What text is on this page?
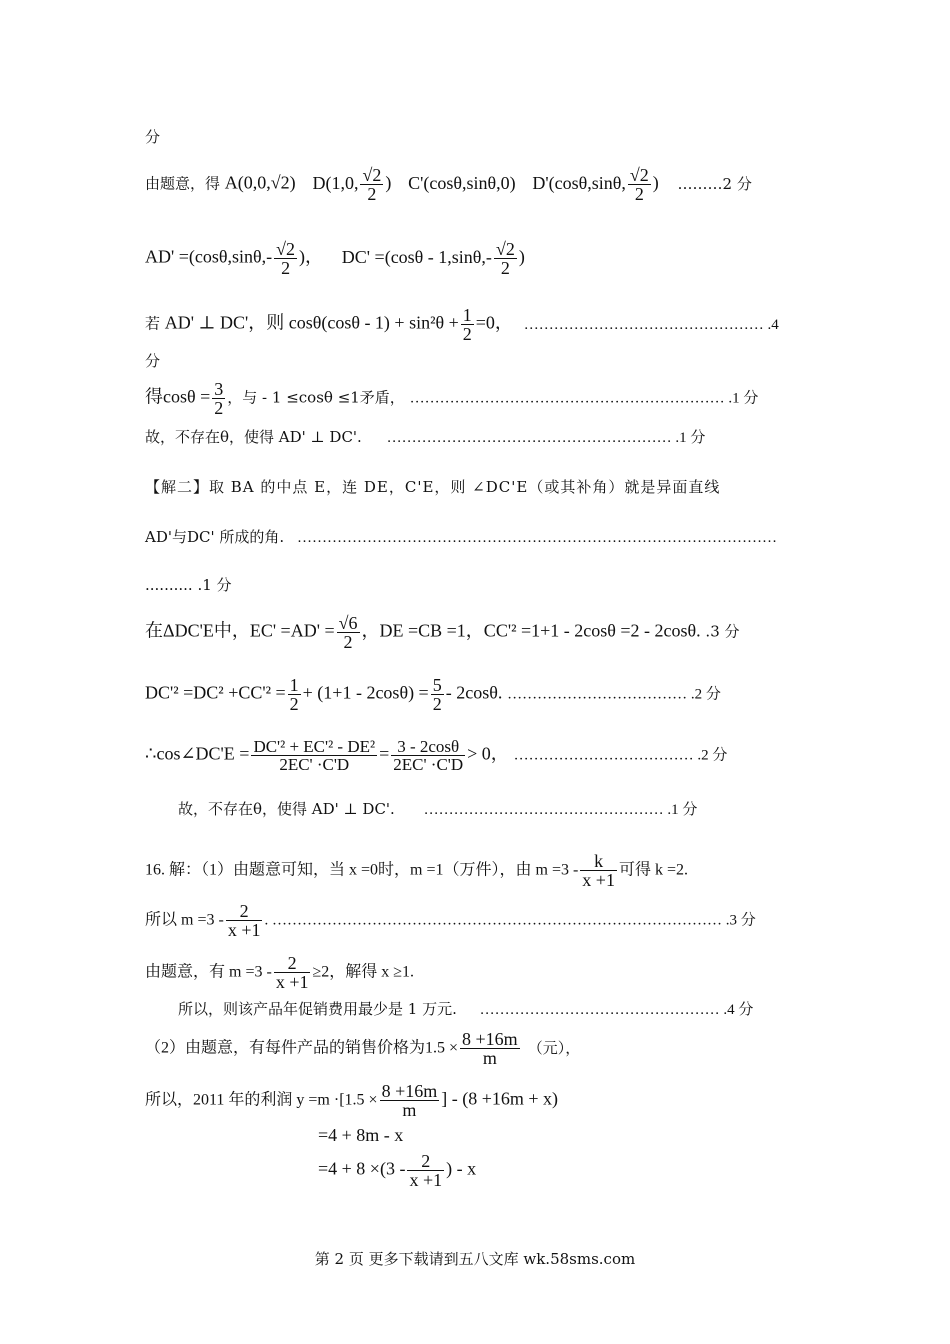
分
由题意，得 A(0,0,√2) D(1,0, $\frac{√2}{2}$ ) C'(cosθ,sinθ,0) D'(cosθ,sinθ, $\frac{√2}{2}$ ) ………2 分
$AD' =(\cos\theta,\sin\theta,- \frac{√2}{2}$ )， $DC' =(\cos\theta - 1,\sin\theta,- \frac{√2}{2}$ )
若 AD' ⊥ DC'，则 $\cos\theta(\cos\theta - 1) + \sin^2\theta + \frac{1}{2} =0$， ………………………………………… .4
分
得$\cos\theta = \frac{3}{2}$ ，与 - 1 ≤cosθ ≤1矛盾， ……………………………………………………… .1 分
故，不存在θ，使得 AD' ⊥ DC'. ………………………………………………… .1 分
【解二】取 BA 的中点 E，连 DE，C'E，则 ∠DC'E（或其补角）就是异面直线
AD'与DC' 所成的角. ……………………………………………………………………………………
.......... .1 分
在ΔDC'E中，$EC' =AD' = \frac{√6}{2}$ ，DE =CB =1，CC'² =1+1 - 2cosθ =2 - 2cosθ. .3 分
$DC'^2 =DC^2 +CC'^2 = \frac{1}{2} + (1+1 - 2\cos\theta) = \frac{5}{2} - 2\cos\theta$. ……………………………… .2 分
∴cos∠DC'E = $\frac{\text{DC'² + EC'² - DE²}}{2EC' \cdot C'D} = \frac{3 - 2\cos\theta}{2EC' \cdot C'D} > 0$， ……………………………… .2 分
故，不存在θ，使得 AD' ⊥ DC'. ………………………………………… .1 分
16. 解：（1）由题意可知，当 x =0时，m =1（万件），由 $m =3 - \frac{k}{x +1}$ 可得 k =2.
所以 $m =3 - \frac{2}{x +1}$ . ……………………………………………………………………………… .3 分
由题意，有 $m =3 - \frac{2}{x +1} \ge 2$，解得 x ≥1.
所以，则该产品年促销费用最少是 1 万元. ………………………………………… .4 分
（2）由题意，有每件产品的销售价格为$1.5 \times \frac{8 +16m}{m}$ （元），
所以，2011 年的利润 $y =m \cdot[1.5 \times \frac{8 +16m}{m}$ ] - (8 +16m + x)
=4 + 8m - x
$=4 + 8 \times(3 - \frac{2}{x +1}$ ) - x
第 2 页 更多下载请到五八文库 wk.58sms.com
